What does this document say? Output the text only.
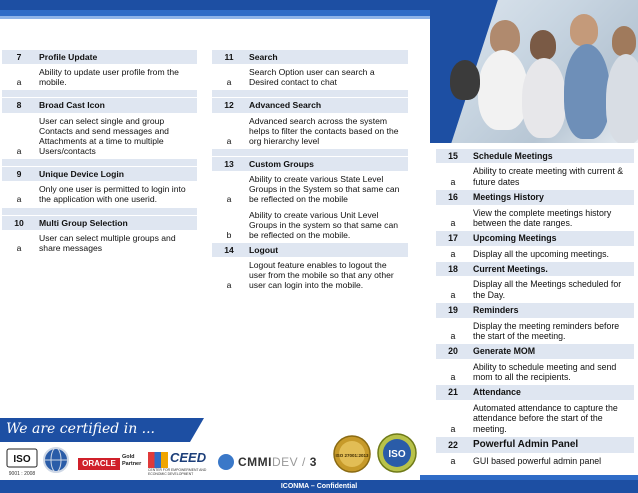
7	Profile Update
a	Ability to update user profile from the mobile.

8	Broad Cast Icon
a	User can select single and group Contacts and send messages and Attachments at a time to multiple Users/contacts

9	Unique Device Login
a	Only one user is permitted to login into the application with one userid.

10	Multi Group Selection
a	User can select multiple groups and share messages
11	Search
a	Search Option user can search a Desired contact to chat

12	Advanced Search
a	Advanced search across the system helps to filter the contacts based on the org hierarchy level

13	Custom Groups
a	Ability to create various State Level Groups in the System so that same can be reflected on the mobile
b	Ability to create various Unit Level Groups in the system so that same can be reflected on the mobile.
14	Logout
a	Logout feature enables to logout the user from the mobile so that any other user can login into the mobile.
15	Schedule Meetings
a	Ability to create meeting with current & future dates
16	Meetings History
a	View the complete meetings history between the date ranges.
17	Upcoming Meetings
a	Display all the upcoming meetings.
18	Current Meetings.
a	Display all the Meetings scheduled for the Day.
19	Reminders
a	Display the meeting reminders before the start of the meeting.
20	Generate MOM
a	Ability to schedule meeting and send mom to all the recipients.
21	Attendance
a	Automated attendance to capture the attendance before the start of the meeting.
22	Powerful Admin Panel
a	GUI based powerful admin panel
We are certified in ...
ISO
9001 : 2008
ORACLE
Gold Partner CEED
CENTER FOR EMPOWERMENT AND ECONOMIC DEVELOPMENT
CMMIDEV / 3	ISO 27001:2013 ISO
ICONMA – Confidential
